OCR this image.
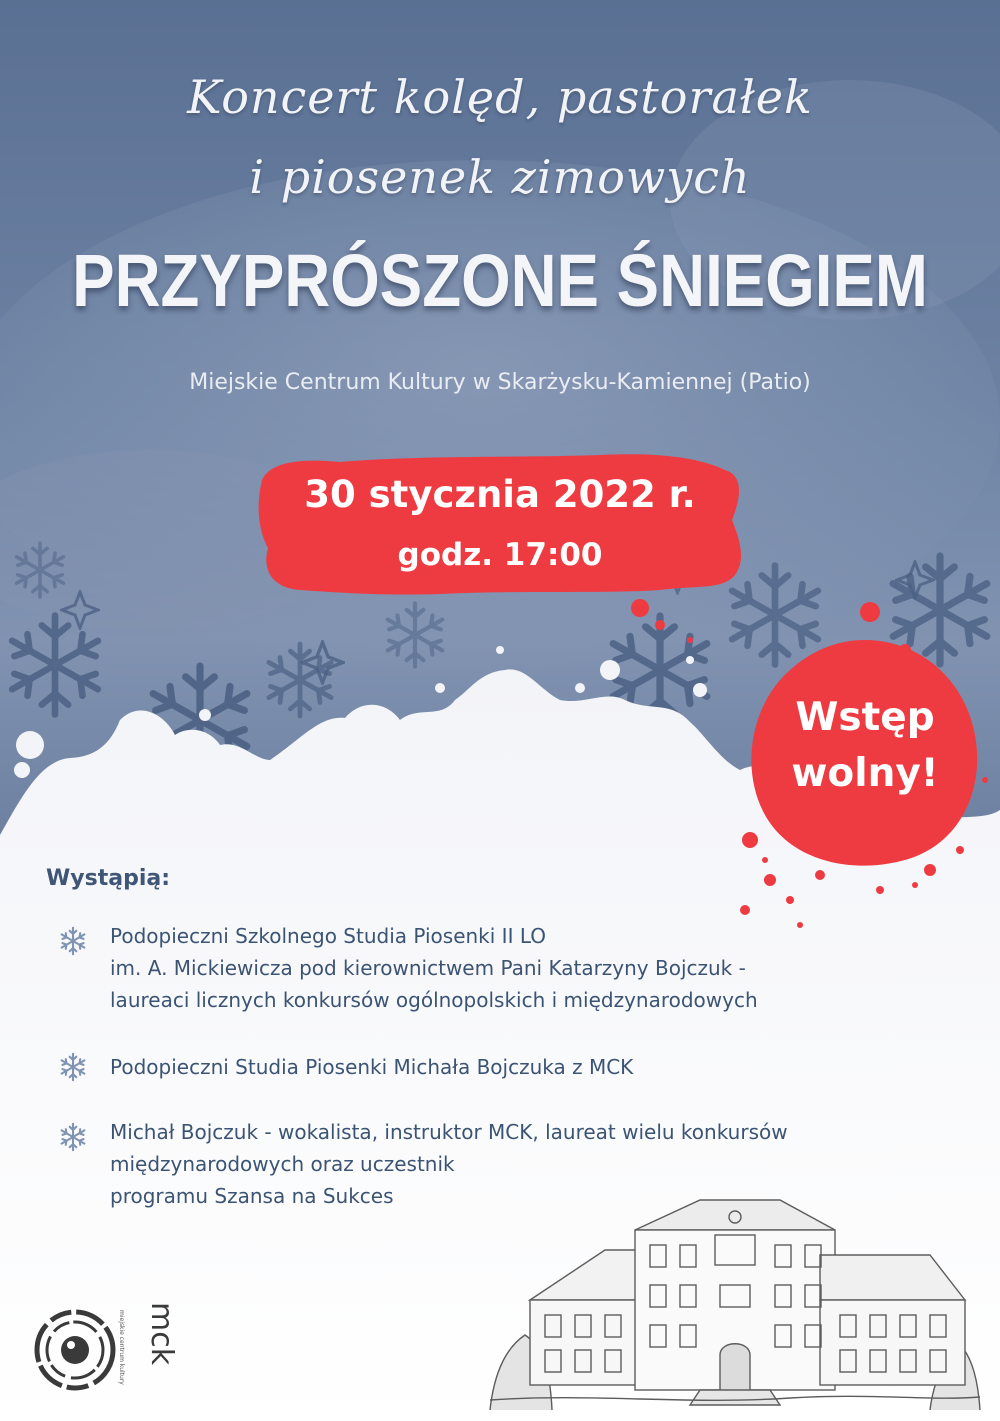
Koncert kolęd, pastorałek
i piosenek zimowych
PRZYPRÓSZONE ŚNIEGIEM
Miejskie Centrum Kultury w Skarżysku-Kamiennej (Patio)
30 stycznia 2022 r.
godz. 17:00
Wstęp
wolny!
Wystąpią:
Podopieczni Szkolnego Studia Piosenki II LO
im. A. Mickiewicza pod kierownictwem Pani Katarzyny Bojczuk -
laureaci licznych konkursów ogólnopolskich i międzynarodowych
Podopieczni Studia Piosenki Michała Bojczuka z MCK
Michał Bojczuk - wokalista, instruktor MCK, laureat wielu konkursów
międzynarodowych oraz uczestnik
programu Szansa na Sukces
miejskie centrum kultury mck
